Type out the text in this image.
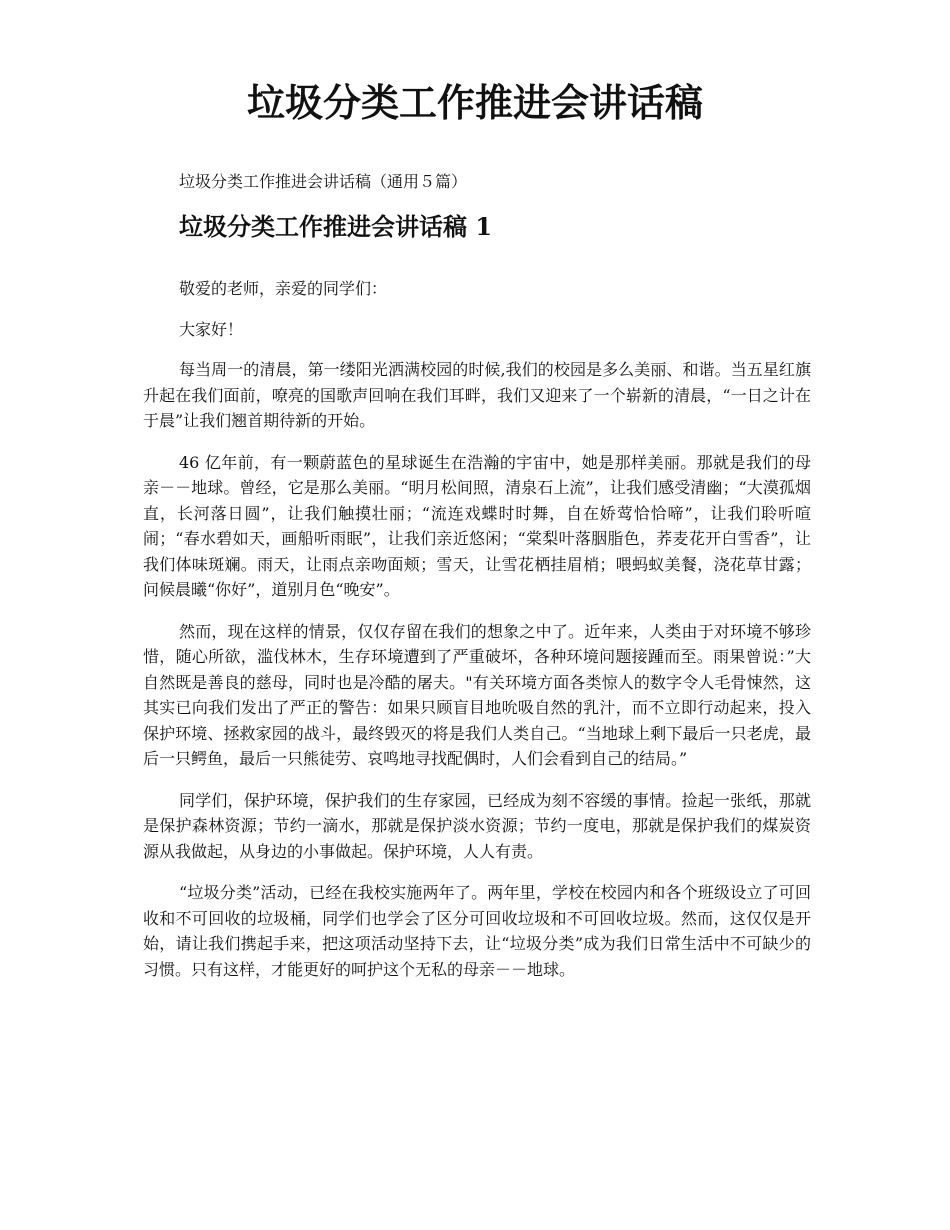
垃圾分类工作推进会讲话稿

垃圾分类工作推进会讲话稿（通用５篇）

垃圾分类工作推进会讲话稿 1

敬爱的老师，亲爱的同学们：

大家好！

每当周一的清晨，第一缕阳光洒满校园的时候,我们的校园是多么美丽、和谐。当五星红旗升起在我们面前，嘹亮的国歌声回响在我们耳畔，我们又迎来了一个崭新的清晨，“一日之计在于晨”让我们翘首期待新的开始。

46 亿年前，有一颗蔚蓝色的星球诞生在浩瀚的宇宙中，她是那样美丽。那就是我们的母亲－－地球。曾经，它是那么美丽。“明月松间照，清泉石上流”，让我们感受清幽；“大漠孤烟直，长河落日圆”，让我们触摸壮丽；“流连戏蝶时时舞，自在娇莺恰恰啼”，让我们聆听喧闹；“春水碧如天，画船听雨眠”，让我们亲近悠闲；“棠梨叶落胭脂色，荞麦花开白雪香”，让我们体味斑斓。雨天，让雨点亲吻面颊；雪天，让雪花栖挂眉梢；喂蚂蚁美餐，浇花草甘露；问候晨曦“你好”，道别月色“晚安”。

然而，现在这样的情景，仅仅存留在我们的想象之中了。近年来，人类由于对环境不够珍惜，随心所欲，滥伐林木，生存环境遭到了严重破坏，各种环境问题接踵而至。雨果曾说：”大自然既是善良的慈母，同时也是冷酷的屠夫。"有关环境方面各类惊人的数字令人毛骨悚然，这其实已向我们发出了严正的警告：如果只顾盲目地吮吸自然的乳汁，而不立即行动起来，投入保护环境、拯救家园的战斗，最终毁灭的将是我们人类自己。“当地球上剩下最后一只老虎，最后一只鳄鱼，最后一只熊徒劳、哀鸣地寻找配偶时，人们会看到自己的结局。”

同学们，保护环境，保护我们的生存家园，已经成为刻不容缓的事情。捡起一张纸，那就是保护森林资源；节约一滴水，那就是保护淡水资源；节约一度电，那就是保护我们的煤炭资源从我做起，从身边的小事做起。保护环境，人人有责。

“垃圾分类”活动，已经在我校实施两年了。两年里，学校在校园内和各个班级设立了可回收和不可回收的垃圾桶，同学们也学会了区分可回收垃圾和不可回收垃圾。然而，这仅仅是开始，请让我们携起手来，把这项活动坚持下去，让“垃圾分类”成为我们日常生活中不可缺少的习惯。只有这样，才能更好的呵护这个无私的母亲－－地球。
